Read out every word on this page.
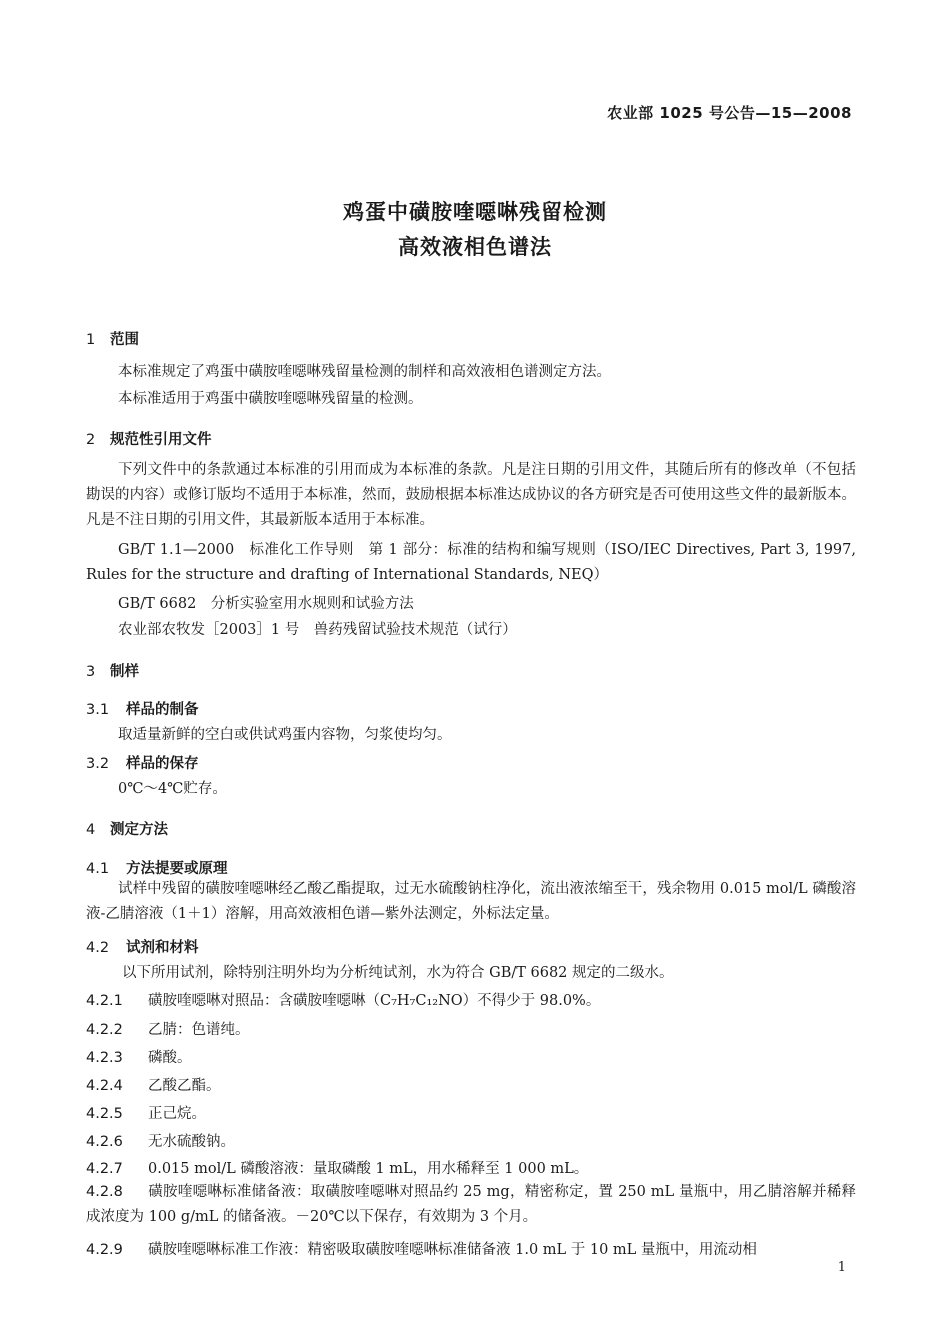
农业部 1025 号公告—15—2008
鸡蛋中磺胺喹噁啉残留检测
高效液相色谱法
1 范围
本标准规定了鸡蛋中磺胺喹噁啉残留量检测的制样和高效液相色谱测定方法。
本标准适用于鸡蛋中磺胺喹噁啉残留量的检测。
2 规范性引用文件
下列文件中的条款通过本标准的引用而成为本标准的条款。凡是注日期的引用文件，其随后所有的修改单（不包括勘误的内容）或修订版均不适用于本标准，然而，鼓励根据本标准达成协议的各方研究是否可使用这些文件的最新版本。凡是不注日期的引用文件，其最新版本适用于本标准。
GB/T 1.1—2000　标准化工作导则　第 1 部分：标准的结构和编写规则（ISO/IEC Directives, Part 3, 1997, Rules for the structure and drafting of International Standards, NEQ）
GB/T 6682　分析实验室用水规则和试验方法
农业部农牧发［2003］1 号　兽药残留试验技术规范（试行）
3 制样
3.1 样品的制备
取适量新鲜的空白或供试鸡蛋内容物，匀浆使均匀。
3.2 样品的保存
0℃～4℃贮存。
4 测定方法
4.1 方法提要或原理
试样中残留的磺胺喹噁啉经乙酸乙酯提取，过无水硫酸钠柱净化，流出液浓缩至干，残余物用 0.015 mol/L 磷酸溶液-乙腈溶液（1＋1）溶解，用高效液相色谱—紫外法测定，外标法定量。
4.2 试剂和材料
以下所用试剂，除特别注明外均为分析纯试剂，水为符合 GB/T 6682 规定的二级水。
4.2.1 磺胺喹噁啉对照品：含磺胺喹噁啉（C₇H₇C₁₂NO）不得少于 98.0%。
4.2.2 乙腈：色谱纯。
4.2.3 磷酸。
4.2.4 乙酸乙酯。
4.2.5 正己烷。
4.2.6 无水硫酸钠。
4.2.7 0.015 mol/L 磷酸溶液：量取磷酸 1 mL，用水稀释至 1 000 mL。
4.2.8 磺胺喹噁啉标准储备液：取磺胺喹噁啉对照品约 25 mg，精密称定，置 250 mL 量瓶中，用乙腈溶解并稀释成浓度为 100 g/mL 的储备液。－20℃以下保存，有效期为 3 个月。
4.2.9 磺胺喹噁啉标准工作液：精密吸取磺胺喹噁啉标准储备液 1.0 mL 于 10 mL 量瓶中，用流动相
1
